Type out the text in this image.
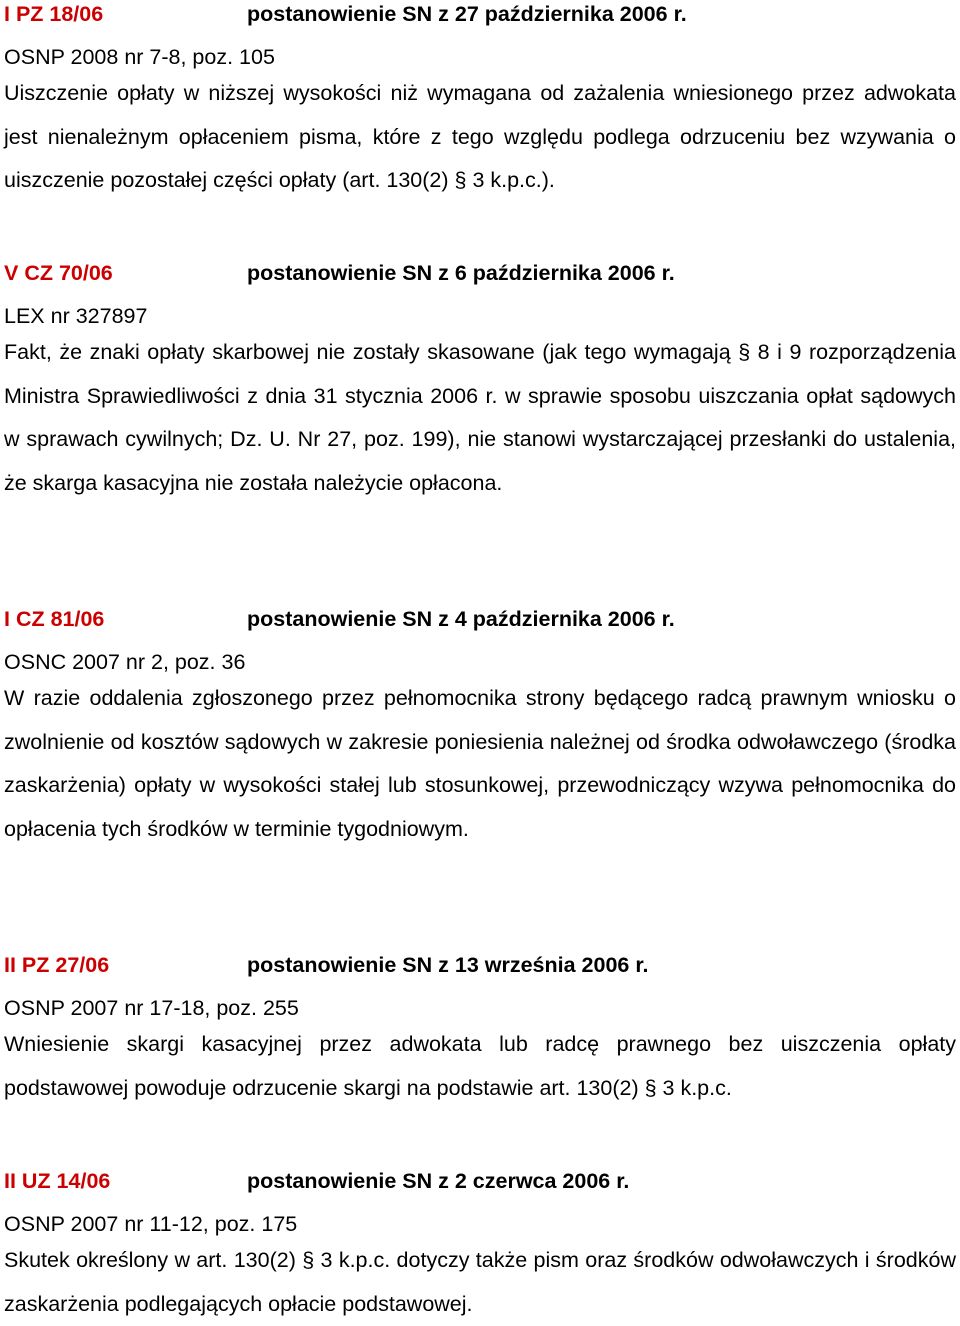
I PZ 18/06	postanowienie SN z 27 października 2006 r.
OSNP 2008 nr 7-8, poz. 105
Uiszczenie opłaty w niższej wysokości niż wymagana od zażalenia wniesionego przez adwokata jest nienależnym opłaceniem pisma, które z tego względu podlega odrzuceniu bez wzywania o uiszczenie pozostałej części opłaty (art. 130(2) § 3 k.p.c.).
V CZ 70/06	postanowienie SN z 6 października 2006 r.
LEX nr 327897
Fakt, że znaki opłaty skarbowej nie zostały skasowane (jak tego wymagają § 8 i 9 rozporządzenia Ministra Sprawiedliwości z dnia 31 stycznia 2006 r. w sprawie sposobu uiszczania opłat sądowych w sprawach cywilnych; Dz. U. Nr 27, poz. 199), nie stanowi wystarczającej przesłanki do ustalenia, że skarga kasacyjna nie została należycie opłacona.
I CZ 81/06	postanowienie SN z 4 października 2006 r.
OSNC 2007 nr 2, poz. 36
W razie oddalenia zgłoszonego przez pełnomocnika strony będącego radcą prawnym wniosku o zwolnienie od kosztów sądowych w zakresie poniesienia należnej od środka odwoławczego (środka zaskarżenia) opłaty w wysokości stałej lub stosunkowej, przewodniczący wzywa pełnomocnika do opłacenia tych środków w terminie tygodniowym.
II PZ 27/06	postanowienie SN z 13 września 2006 r.
OSNP 2007 nr 17-18, poz. 255
Wniesienie skargi kasacyjnej przez adwokata lub radcę prawnego bez uiszczenia opłaty podstawowej powoduje odrzucenie skargi na podstawie art. 130(2) § 3 k.p.c.
II UZ 14/06	postanowienie SN z 2 czerwca 2006 r.
OSNP 2007 nr 11-12, poz. 175
Skutek określony w art. 130(2) § 3 k.p.c. dotyczy także pism oraz środków odwoławczych i środków zaskarżenia podlegających opłacie podstawowej.
